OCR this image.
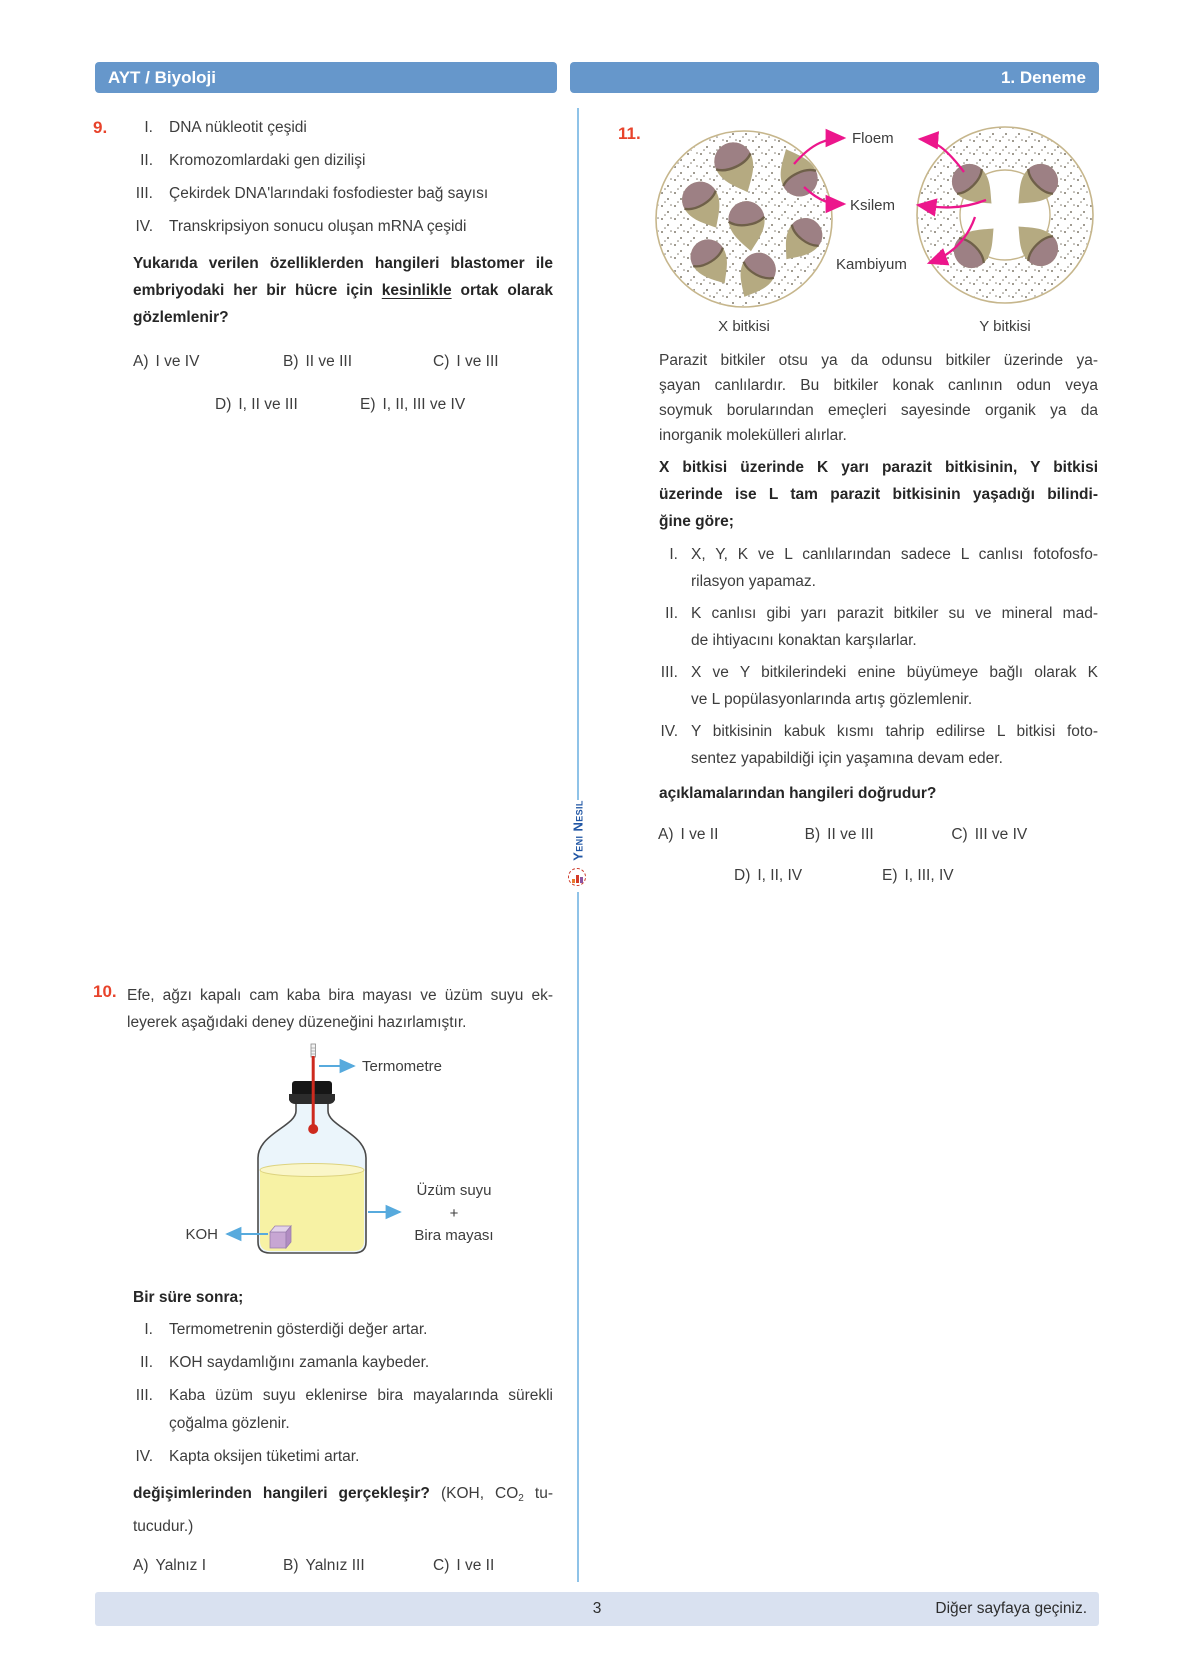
AYT / Biyoloji	1. Deneme
Yeni Nesil
9.	I. DNA nükleotit çeşidi
II. Kromozomlardaki gen dizilişi
III. Çekirdek DNA'larındaki fosfodiester bağ sayısı
IV. Transkripsiyon sonucu oluşan mRNA çeşidi
Yukarıda verilen özelliklerden hangileri blastomer ile
embriyodaki her bir hücre için kesinlikle ortak olarak
gözlemlenir?
A) I ve IV	B) II ve III	C) I ve III
D) I, II ve III	E) I, II, III ve IV
10. Efe, ağzı kapalı cam kaba bira mayası ve üzüm suyu ek-
leyerek aşağıdaki deney düzeneğini hazırlamıştır.
Termometre
Üzüm suyu
+
Bira mayası
KOH
Bir süre sonra;
I. Termometrenin gösterdiği değer artar.
II. KOH saydamlığını zamanla kaybeder.
III. Kaba üzüm suyu eklenirse bira mayalarında sürekli
çoğalma gözlenir.
IV. Kapta oksijen tüketimi artar.
değişimlerinden hangileri gerçekleşir? (KOH, $CO_2$ tu-
tucudur.)
A) Yalnız I	B) Yalnız III	C) I ve II
11.	Floem
Ksilem
Kambiyum
X bitkisi	Y bitkisi
Parazit bitkiler otsu ya da odunsu bitkiler üzerinde ya-
şayan canlılardır. Bu bitkiler konak canlının odun veya
soymuk borularından emeçleri sayesinde organik ya da
inorganik molekülleri alırlar.
X bitkisi üzerinde K yarı parazit bitkisinin, Y bitkisi
üzerinde ise L tam parazit bitkisinin yaşadığı bilindi-
ğine göre;
I. X, Y, K ve L canlılarından sadece L canlısı fotofosfo-
rilasyon yapamaz.
II. K canlısı gibi yarı parazit bitkiler su ve mineral mad-
de ihtiyacını konaktan karşılarlar.
III. X ve Y bitkilerindeki enine büyümeye bağlı olarak K
ve L popülasyonlarında artış gözlemlenir.
IV. Y bitkisinin kabuk kısmı tahrip edilirse L bitkisi foto-
sentez yapabildiği için yaşamına devam eder.
açıklamalarından hangileri doğrudur?
A) I ve II	B) II ve III	C) III ve IV
D) I, II, IV	E) I, III, IV
3	Diğer sayfaya geçiniz.
